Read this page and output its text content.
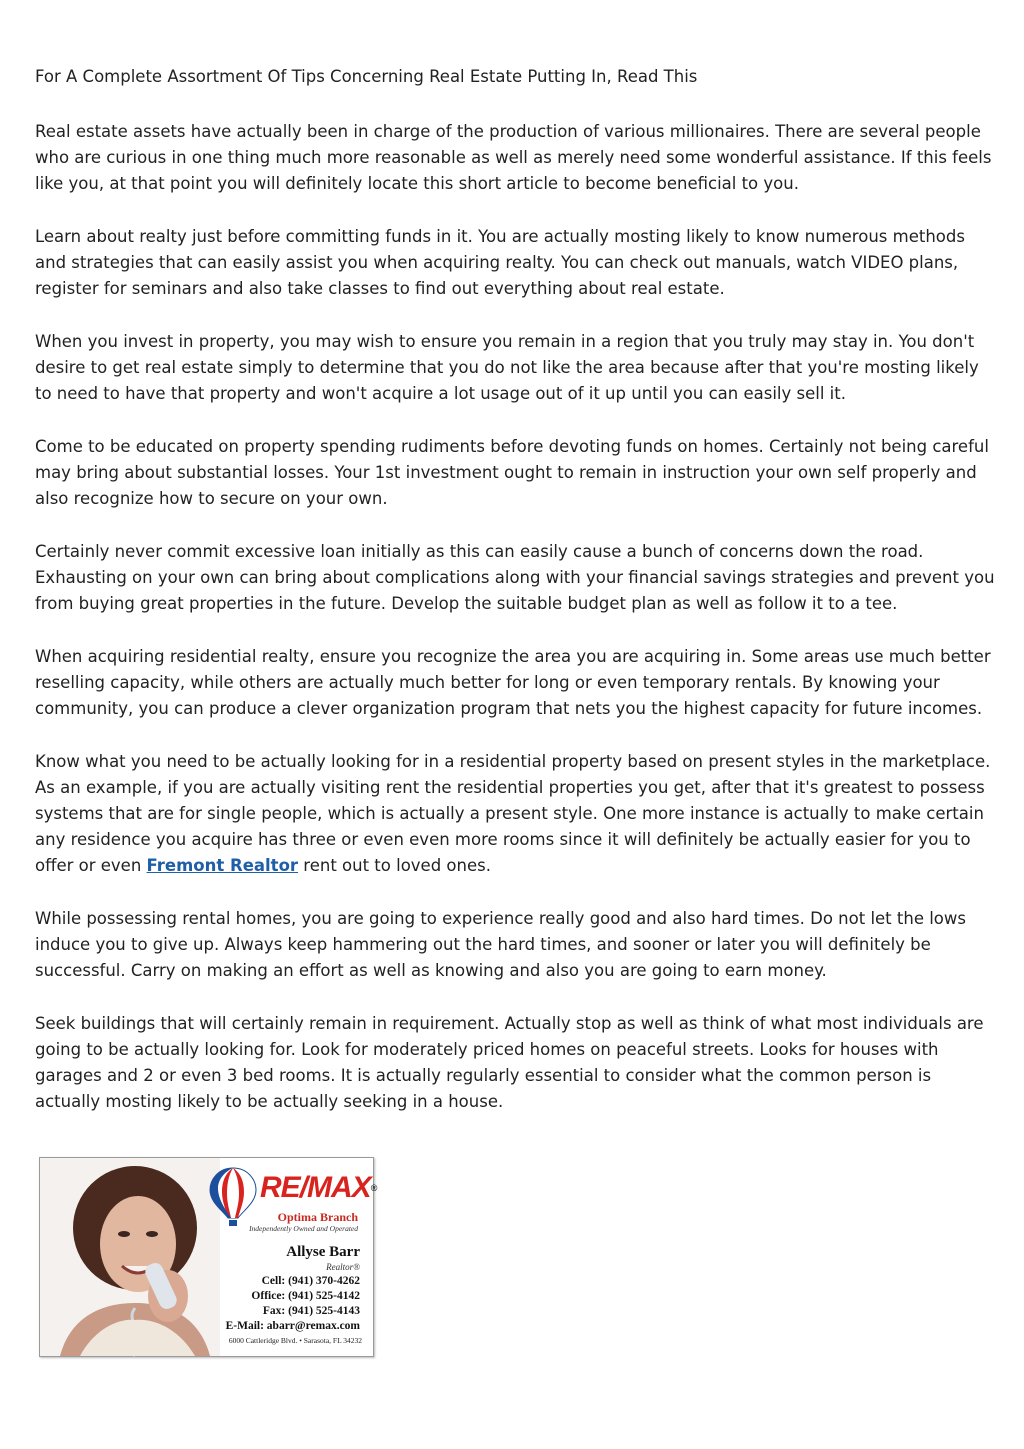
For A Complete Assortment Of Tips Concerning Real Estate Putting In, Read This

Real estate assets have actually been in charge of the production of various millionaires. There are several people who are curious in one thing much more reasonable as well as merely need some wonderful assistance. If this feels like you, at that point you will definitely locate this short article to become beneficial to you.

Learn about realty just before committing funds in it. You are actually mosting likely to know numerous methods and strategies that can easily assist you when acquiring realty. You can check out manuals, watch VIDEO plans, register for seminars and also take classes to find out everything about real estate.

When you invest in property, you may wish to ensure you remain in a region that you truly may stay in. You don't desire to get real estate simply to determine that you do not like the area because after that you're mosting likely to need to have that property and won't acquire a lot usage out of it up until you can easily sell it.

Come to be educated on property spending rudiments before devoting funds on homes. Certainly not being careful may bring about substantial losses. Your 1st investment ought to remain in instruction your own self properly and also recognize how to secure on your own.

Certainly never commit excessive loan initially as this can easily cause a bunch of concerns down the road. Exhausting on your own can bring about complications along with your financial savings strategies and prevent you from buying great properties in the future. Develop the suitable budget plan as well as follow it to a tee.

When acquiring residential realty, ensure you recognize the area you are acquiring in. Some areas use much better reselling capacity, while others are actually much better for long or even temporary rentals. By knowing your community, you can produce a clever organization program that nets you the highest capacity for future incomes.

Know what you need to be actually looking for in a residential property based on present styles in the marketplace. As an example, if you are actually visiting rent the residential properties you get, after that it's greatest to possess systems that are for single people, which is actually a present style. One more instance is actually to make certain any residence you acquire has three or even even more rooms since it will definitely be actually easier for you to offer or even Fremont Realtor rent out to loved ones.

While possessing rental homes, you are going to experience really good and also hard times. Do not let the lows induce you to give up. Always keep hammering out the hard times, and sooner or later you will definitely be successful. Carry on making an effort as well as knowing and also you are going to earn money.

Seek buildings that will certainly remain in requirement. Actually stop as well as think of what most individuals are going to be actually looking for. Look for moderately priced homes on peaceful streets. Looks for houses with garages and 2 or even 3 bed rooms. It is actually regularly essential to consider what the common person is actually mosting likely to be actually seeking in a house.

RE/MAX®
Optima Branch
Independently Owned and Operated
Allyse Barr
Realtor®
Cell: (941) 370-4262
Office: (941) 525-4142
Fax: (941) 525-4143
E-Mail: abarr@remax.com
6000 Cattleridge Blvd. • Sarasota, FL 34232
